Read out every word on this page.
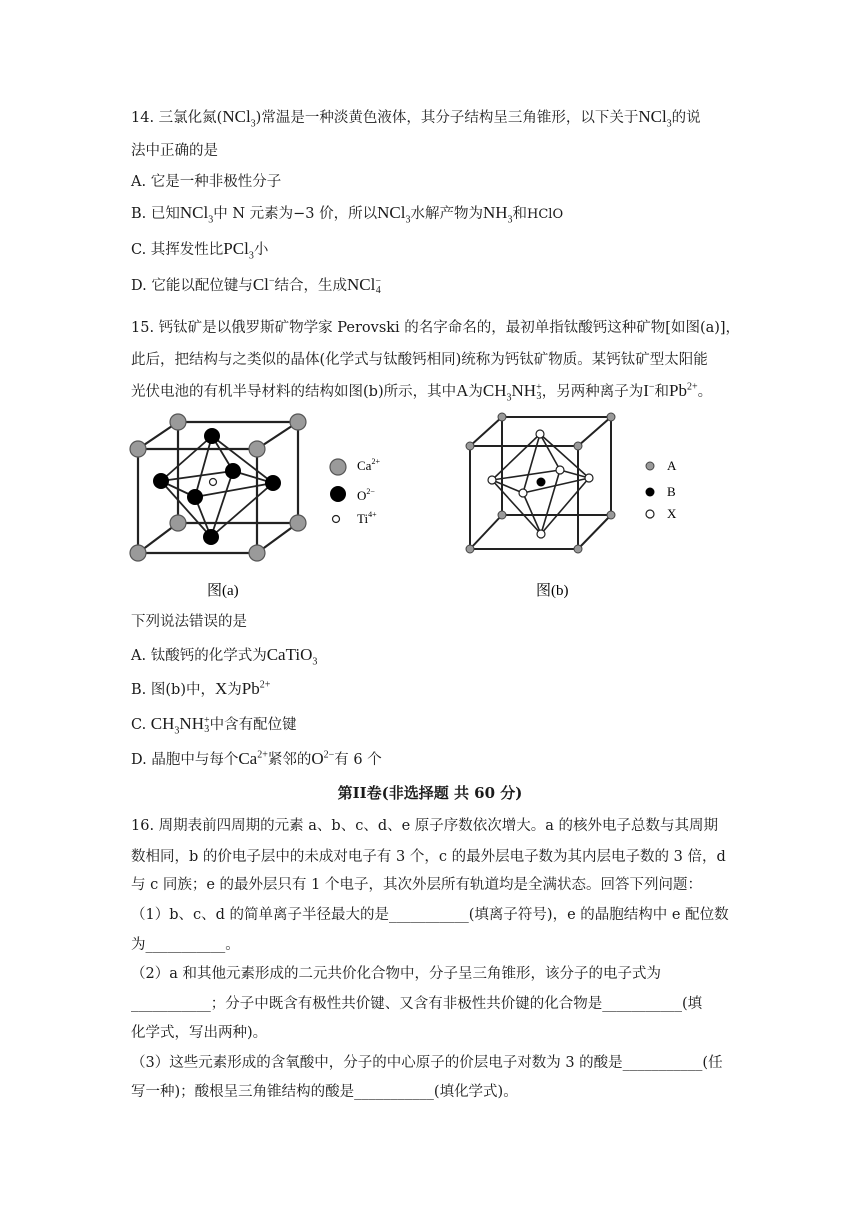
14. 三氯化氮(NCl$_3$)常温是一种淡黄色液体，其分子结构呈三角锥形，以下关于NCl$_3$的说
法中正确的是
A. 它是一种非极性分子
B. 已知NCl$_3$中 N 元素为−3 价，所以NCl$_3$水解产物为$NH_3$和HClO
C. 其挥发性比PCl$_3$小
D. 它能以配位键与Cl−结合，生成NCl−
4
15. 钙钛矿是以俄罗斯矿物学家 Perovski 的名字命名的，最初单指钛酸钙这种矿物[如图(a)]，
此后，把结构与之类似的晶体(化学式与钛酸钙相同)统称为钙钛矿物质。某钙钛矿型太阳能
光伏电池的有机半导材料的结构如图(b)所示，其中A为$CH_3NH+$
3，另两种离子为I−和$Pb^{2+}$。
$Ca^{2+}$
$O^{2-}$
$Ti^{4+}$
图(a)
A
B
X
图(b)
下列说法错误的是
A. 钛酸钙的化学式为CaTiO$_3$
B. 图(b)中，X为$Pb^{2+}$
C. $CH_3NH+$
3中含有配位键
D. 晶胞中与每个$Ca^{2+}$紧邻的$O^{2-}$有 6 个
第II卷(非选择题 共 60 分)
16. 周期表前四周期的元素 a、b、c、d、e 原子序数依次增大。a 的核外电子总数与其周期
数相同，b 的价电子层中的未成对电子有 3 个，c 的最外层电子数为其内层电子数的 3 倍，d
与 c 同族；e 的最外层只有 1 个电子，其次外层所有轨道均是全满状态。回答下列问题：
（1）b、c、d 的简单离子半径最大的是___________(填离子符号)，e 的晶胞结构中 e 配位数
为___________。
（2）a 和其他元素形成的二元共价化合物中，分子呈三角锥形，该分子的电子式为
___________；分子中既含有极性共价键、又含有非极性共价键的化合物是___________(填
化学式，写出两种)。
（3）这些元素形成的含氧酸中，分子的中心原子的价层电子对数为 3 的酸是___________(任
写一种)；酸根呈三角锥结构的酸是___________(填化学式)。
